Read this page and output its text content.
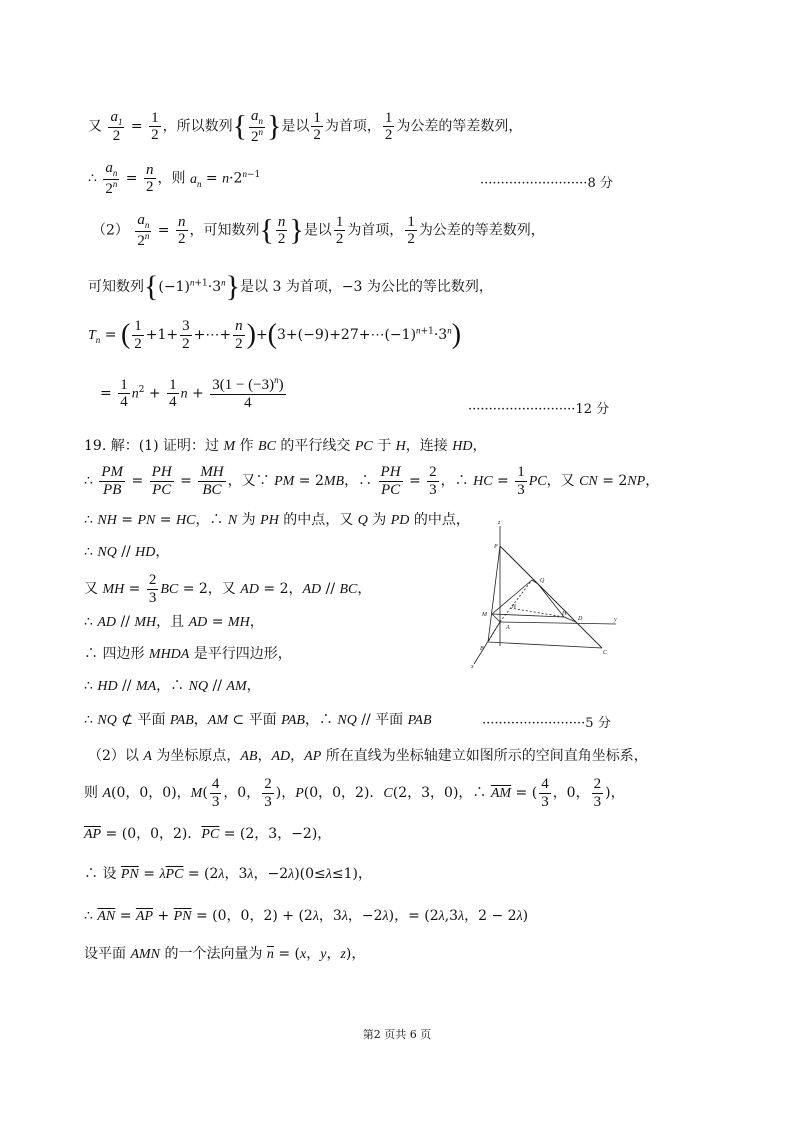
又 $\frac{a_1}{2} = \frac{1}{2}$ ，所以数列{ $\frac{a_n}{2^n}$ }是以 $\frac{1}{2}$ 为首项， $\frac{1}{2}$ 为公差的等差数列，
∴ $\frac{a_n}{2^n} = \frac{n}{2}$ ，则 $a_n = n\cdot 2^{n-1}$
··························8 分
$(2) \frac{a_n}{2^n} = \frac{n}{2}$ ，可知数列{ $\frac{n}{2}$ }是以 $\frac{1}{2}$ 为首项， $\frac{1}{2}$ 为公差的等差数列，
可知数列$\{(-1)^{n+1}\cdot 3^n\}$是以 3 为首项，−3 为公比的等比数列，
$T_n$ = ( $\frac{1}{2} +1+ \frac{3}{2}$ +⋯+ $\frac{n}{2}$ )$+(3+(-9)+27+\cdots(-1)^{n+1}\cdot 3^n)$
= $\frac{1}{4} n^2 + \frac{1}{4}$ $n + \frac{3(1 - (-3)^n)}{4}$	··························12 分
19. 解：(1) 证明：过 M 作 BC 的平行线交 PC 于 H，连接 HD，
∴ $\frac{PM}{PB} = \frac{PH}{PC} = \frac{MH}{BC}$ ，又∵ PM = 2MB，∴ $\frac{PH}{PC} = \frac{2}{3}$ ，∴ HC = $\frac{1}{3}$ PC，又 CN = 2NP，
∴ NH = PN = HC，∴ N 为 PH 的中点，又 Q 为 PD 的中点，
∴ NQ // HD，
又 MH = $\frac{2}{3}$ BC = 2，又 AD = 2，AD // BC，
∴ AD // MH，且 AD = MH，
∴ 四边形 MHDA 是平行四边形，
∴ HD // MA，∴ NQ // AM，
∴ NQ ⊄ 平面 PAB，AM ⊂ 平面 PAB，∴ NQ // 平面 PAB	·························5 分
（2）以 A 为坐标原点，AB，AD，AP 所在直线为坐标轴建立如图所示的空间直角坐标系，
则 A(0，0，0)，$M( \frac{4}{3}$ ，0， $\frac{2}{3}$ )，P(0，0，2)．C(2，3，0)，∴ $\overline{AM}$ = ( $\frac{4}{3}$ ，0， $\frac{2}{3}$ )，
$\overline{AP} = (0$，0，2)．$\overline{PC} = (2$，3，−2)，
∴ 设 $\overline{PN} = \lambda\overline{PC} = (2\lambda$，3λ，−2λ)(0≤λ≤1)，
∴ $\overline{AN} = \overline{AP} + \overline{PN} = (0$，0，2) + (2λ，3λ，−2λ)，= (2λ,3λ，2 − 2λ)
设平面 AMN 的一个法向量为 $\overline{n} = (x$，y，z)，
z
P
Q
M
N
H
A
D
B
C
y
x
第2 页共 6 页
